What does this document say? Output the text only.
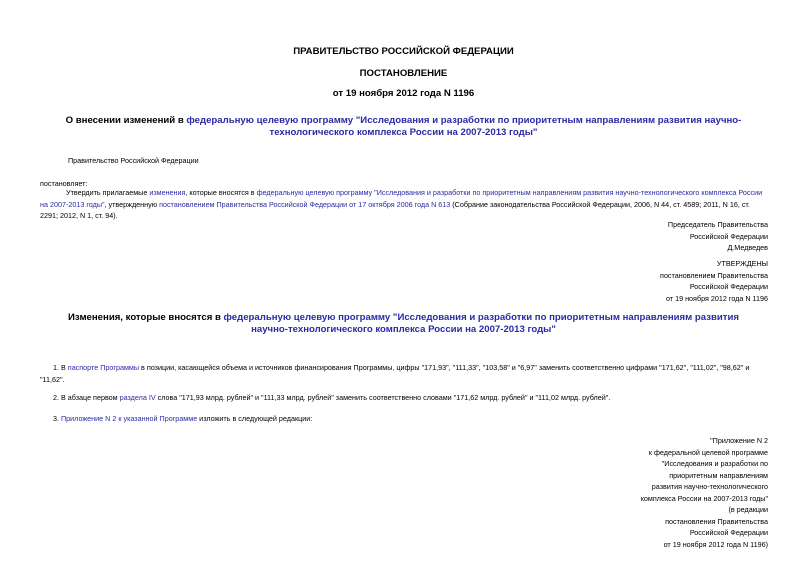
ПРАВИТЕЛЬСТВО РОССИЙСКОЙ ФЕДЕРАЦИИ
ПОСТАНОВЛЕНИЕ
от 19 ноября 2012 года N 1196
О внесении изменений в федеральную целевую программу "Исследования и разработки по приоритетным направлениям развития научно-технологического комплекса России на 2007-2013 годы"
Правительство Российской Федерации
постановляет:
Утвердить прилагаемые изменения, которые вносятся в федеральную целевую программу "Исследования и разработки по приоритетным направлениям развития научно-технологического комплекса России на 2007-2013 годы", утвержденную постановлением Правительства Российской Федерации от 17 октября 2006 года N 613 (Собрание законодательства Российской Федерации, 2006, N 44, ст. 4589; 2011, N 16, ст. 2291; 2012, N 1, ст. 94).
Председатель Правительства
Российской Федерации
Д.Медведев
УТВЕРЖДЕНЫ
постановлением Правительства
Российской Федерации
от 19 ноября 2012 года N 1196
Изменения, которые вносятся в федеральную целевую программу "Исследования и разработки по приоритетным направлениям развития научно-технологического комплекса России на 2007-2013 годы"
1. В паспорте Программы в позиции, касающейся объема и источников финансирования Программы, цифры "171,93", "111,33", "103,58" и "6,97" заменить соответственно цифрами "171,62", "111,02", "98,62" и "11,62".
2. В абзаце первом раздела IV слова "171,93 млрд. рублей" и "111,33 млрд. рублей" заменить соответственно словами "171,62 млрд. рублей" и "111,02 млрд. рублей".
3. Приложение N 2 к указанной Программе изложить в следующей редакции:
"Приложение N 2
к федеральной целевой программе
"Исследования и разработки по
приоритетным направлениям
развития научно-технологического
комплекса России на 2007-2013 годы"
(в редакции
постановления Правительства
Российской Федерации
от 19 ноября 2012 года N 1196)
